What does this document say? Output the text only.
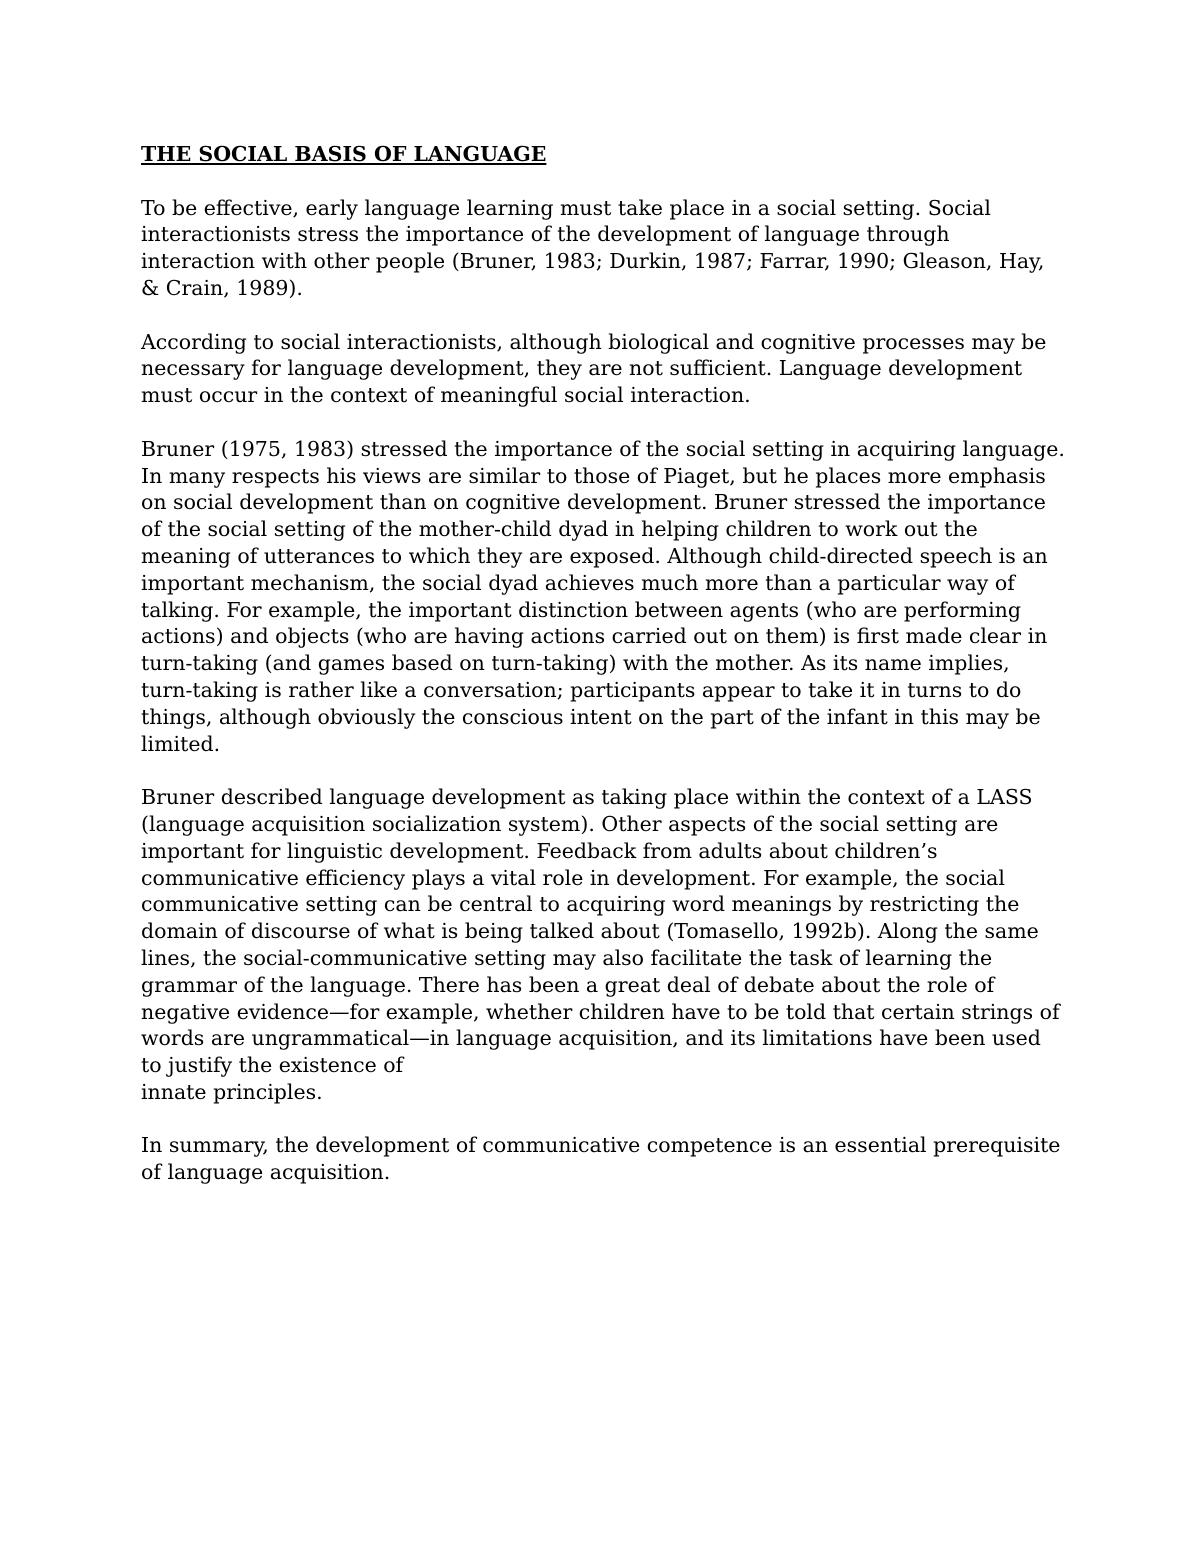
THE SOCIAL BASIS OF LANGUAGE
To be effective, early language learning must take place in a social setting. Social
interactionists stress the importance of the development of language through
interaction with other people (Bruner, 1983; Durkin, 1987; Farrar, 1990; Gleason, Hay,
& Crain, 1989).
According to social interactionists, although biological and cognitive processes may be
necessary for language development, they are not sufficient. Language development
must occur in the context of meaningful social interaction.
Bruner (1975, 1983) stressed the importance of the social setting in acquiring language.
In many respects his views are similar to those of Piaget, but he places more emphasis
on social development than on cognitive development. Bruner stressed the importance
of the social setting of the mother-child dyad in helping children to work out the
meaning of utterances to which they are exposed. Although child-directed speech is an
important mechanism, the social dyad achieves much more than a particular way of
talking. For example, the important distinction between agents (who are performing
actions) and objects (who are having actions carried out on them) is first made clear in
turn-taking (and games based on turn-taking) with the mother. As its name implies,
turn-taking is rather like a conversation; participants appear to take it in turns to do
things, although obviously the conscious intent on the part of the infant in this may be
limited.
Bruner described language development as taking place within the context of a LASS
(language acquisition socialization system). Other aspects of the social setting are
important for linguistic development. Feedback from adults about children’s
communicative efficiency plays a vital role in development. For example, the social
communicative setting can be central to acquiring word meanings by restricting the
domain of discourse of what is being talked about (Tomasello, 1992b). Along the same
lines, the social-communicative setting may also facilitate the task of learning the
grammar of the language. There has been a great deal of debate about the role of
negative evidence—for example, whether children have to be told that certain strings of
words are ungrammatical—in language acquisition, and its limitations have been used
to justify the existence of
innate principles.
In summary, the development of communicative competence is an essential prerequisite
of language acquisition.
